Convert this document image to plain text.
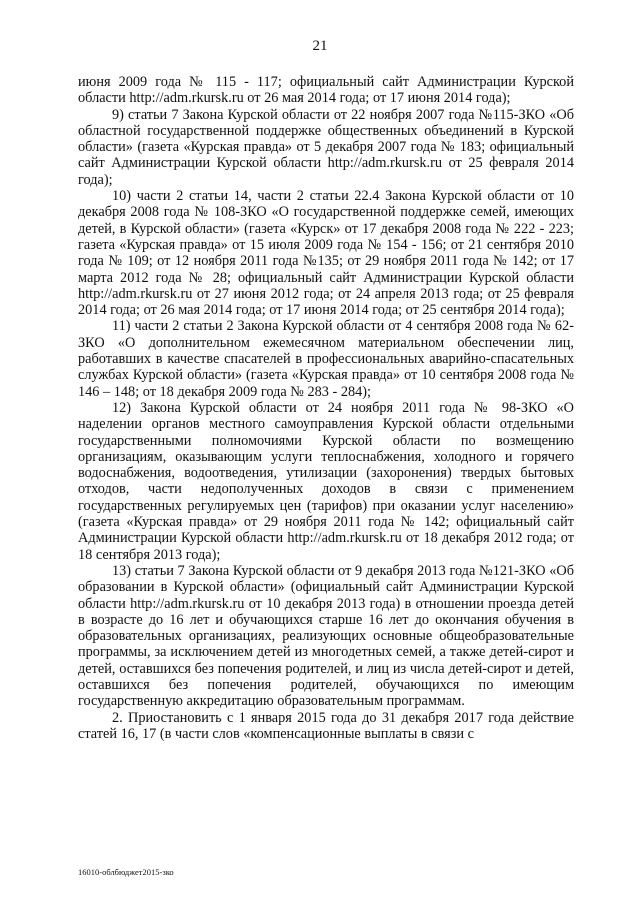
21

июня 2009 года № 115 - 117; официальный сайт Администрации Курской области http://adm.rkursk.ru от 26 мая 2014 года; от 17 июня 2014 года);

9) статьи 7 Закона Курской области от 22 ноября 2007 года №115-ЗКО «Об областной государственной поддержке общественных объединений в Курской области» (газета «Курская правда» от 5 декабря 2007 года № 183; официальный сайт Администрации Курской области http://adm.rkursk.ru от 25 февраля 2014 года);

10) части 2 статьи 14, части 2 статьи 22.4 Закона Курской области от 10 декабря 2008 года № 108-ЗКО «О государственной поддержке семей, имеющих детей, в Курской области» (газета «Курск» от 17 декабря 2008 года № 222 - 223; газета «Курская правда» от 15 июля 2009 года № 154 - 156; от 21 сентября 2010 года № 109; от 12 ноября 2011 года №135; от 29 ноября 2011 года № 142; от 17 марта 2012 года № 28; официальный сайт Администрации Курской области http://adm.rkursk.ru от 27 июня 2012 года; от 24 апреля 2013 года; от 25 февраля 2014 года; от 26 мая 2014 года; от 17 июня 2014 года; от 25 сентября 2014 года);

11) части 2 статьи 2 Закона Курской области от 4 сентября 2008 года № 62-ЗКО «О дополнительном ежемесячном материальном обеспечении лиц, работавших в качестве спасателей в профессиональных аварийно-спасательных службах Курской области» (газета «Курская правда» от 10 сентября 2008 года № 146 – 148; от 18 декабря 2009 года № 283 - 284);

12) Закона Курской области от 24 ноября 2011 года № 98-ЗКО «О наделении органов местного самоуправления Курской области отдельными государственными полномочиями Курской области по возмещению организациям, оказывающим услуги теплоснабжения, холодного и горячего водоснабжения, водоотведения, утилизации (захоронения) твердых бытовых отходов, части недополученных доходов в связи с применением государственных регулируемых цен (тарифов) при оказании услуг населению» (газета «Курская правда» от 29 ноября 2011 года № 142; официальный сайт Администрации Курской области http://adm.rkursk.ru от 18 декабря 2012 года; от 18 сентября 2013 года);

13) статьи 7 Закона Курской области от 9 декабря 2013 года №121-ЗКО «Об образовании в Курской области» (официальный сайт Администрации Курской области http://adm.rkursk.ru от 10 декабря 2013 года) в отношении проезда детей в возрасте до 16 лет и обучающихся старше 16 лет до окончания обучения в образовательных организациях, реализующих основные общеобразовательные программы, за исключением детей из многодетных семей, а также детей-сирот и детей, оставшихся без попечения родителей, и лиц из числа детей-сирот и детей, оставшихся без попечения родителей, обучающихся по имеющим государственную аккредитацию образовательным программам.

2. Приостановить с 1 января 2015 года до 31 декабря 2017 года действие статей 16, 17 (в части слов «компенсационные выплаты в связи с

16010-облбюджет2015-зко
